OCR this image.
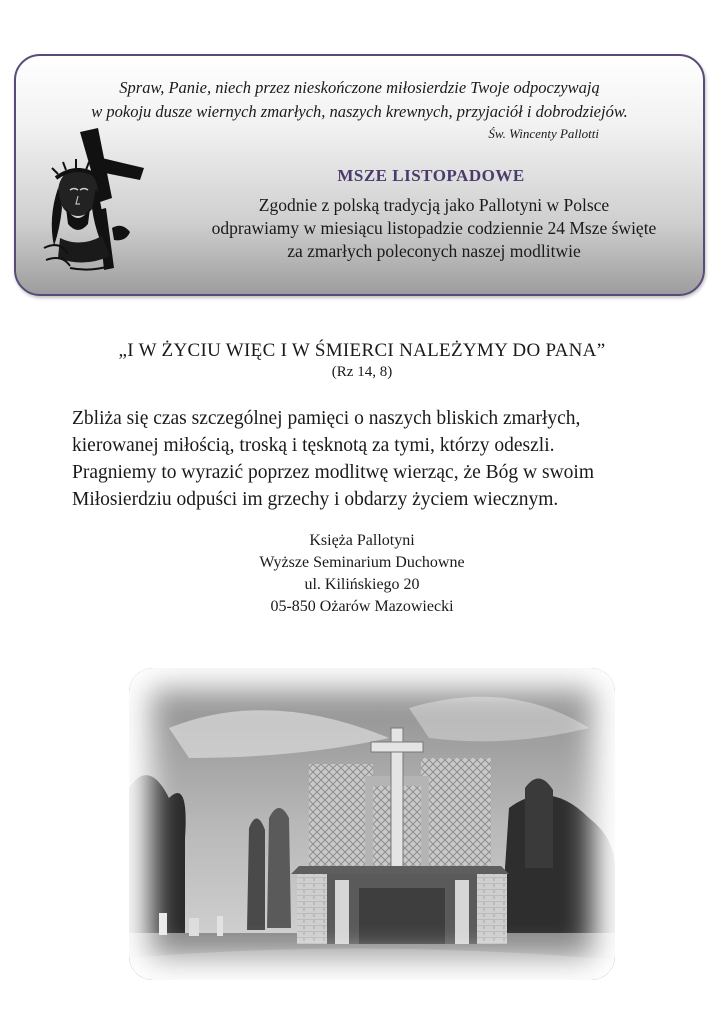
Spraw, Panie, niech przez nieskończone miłosierdzie Twoje odpoczywają
w pokoju dusze wiernych zmarłych, naszych krewnych, przyjaciół i dobrodziejów.
Św. Wincenty Pallotti
MSZE LISTOPADOWE
Zgodnie z polską tradycją jako Pallotyni w Polsce
odprawiamy w miesiącu listopadzie codziennie 24 Msze święte
za zmarłych poleconych naszej modlitwie
„I W ŻYCIU WIĘC I W ŚMIERCI NALEŻYMY DO PANA”
(Rz 14, 8)

Zbliża się czas szczególnej pamięci o naszych bliskich zmarłych,

kierowanej miłością, troską i tęsknotą za tymi, którzy odeszli.

Pragniemy to wyrazić poprzez modlitwę wierząc, że Bóg w swoim

Miłosierdziu odpuści im grzechy i obdarzy życiem wiecznym.

Księża Pallotyni
Wyższe Seminarium Duchowne
ul. Kilińskiego 20
05-850 Ożarów Mazowiecki
